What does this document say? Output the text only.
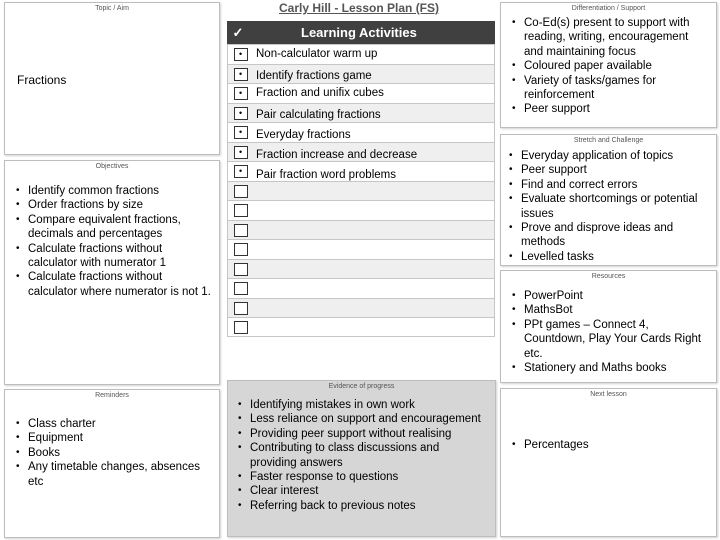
Carly Hill - Lesson Plan (FS)
Topic / Aim
Fractions
Objectives
• Identify common fractions
• Order fractions by size
• Compare equivalent fractions, decimals and percentages
• Calculate fractions without calculator with numerator 1
• Calculate fractions without calculator where numerator is not 1.
Reminders
• Class charter
• Equipment
• Books
• Any timetable changes, absences etc
✓	Learning Activities
• Non-calculator warm up
• Identify fractions game
• Fraction and unifix cubes
• Pair calculating fractions
• Everyday fractions
• Fraction increase and decrease
• Pair fraction word problems
Evidence of progress
• Identifying mistakes in own work
• Less reliance on support and encouragement
• Providing peer support without realising
• Contributing to class discussions and providing answers
• Faster response to questions
• Clear interest
• Referring back to previous notes
Differentiation / Support
• Co-Ed(s) present to support with reading, writing, encouragement and maintaining focus
• Coloured paper available
• Variety of tasks/games for reinforcement
• Peer support
Stretch and Challenge
• Everyday application of topics
• Peer support
• Find and correct errors
• Evaluate shortcomings or potential issues
• Prove and disprove ideas and methods
• Levelled tasks
Resources
• PowerPoint
• MathsBot
• PPt games – Connect 4, Countdown, Play Your Cards Right etc.
• Stationery and Maths books
Next lesson
• Percentages
